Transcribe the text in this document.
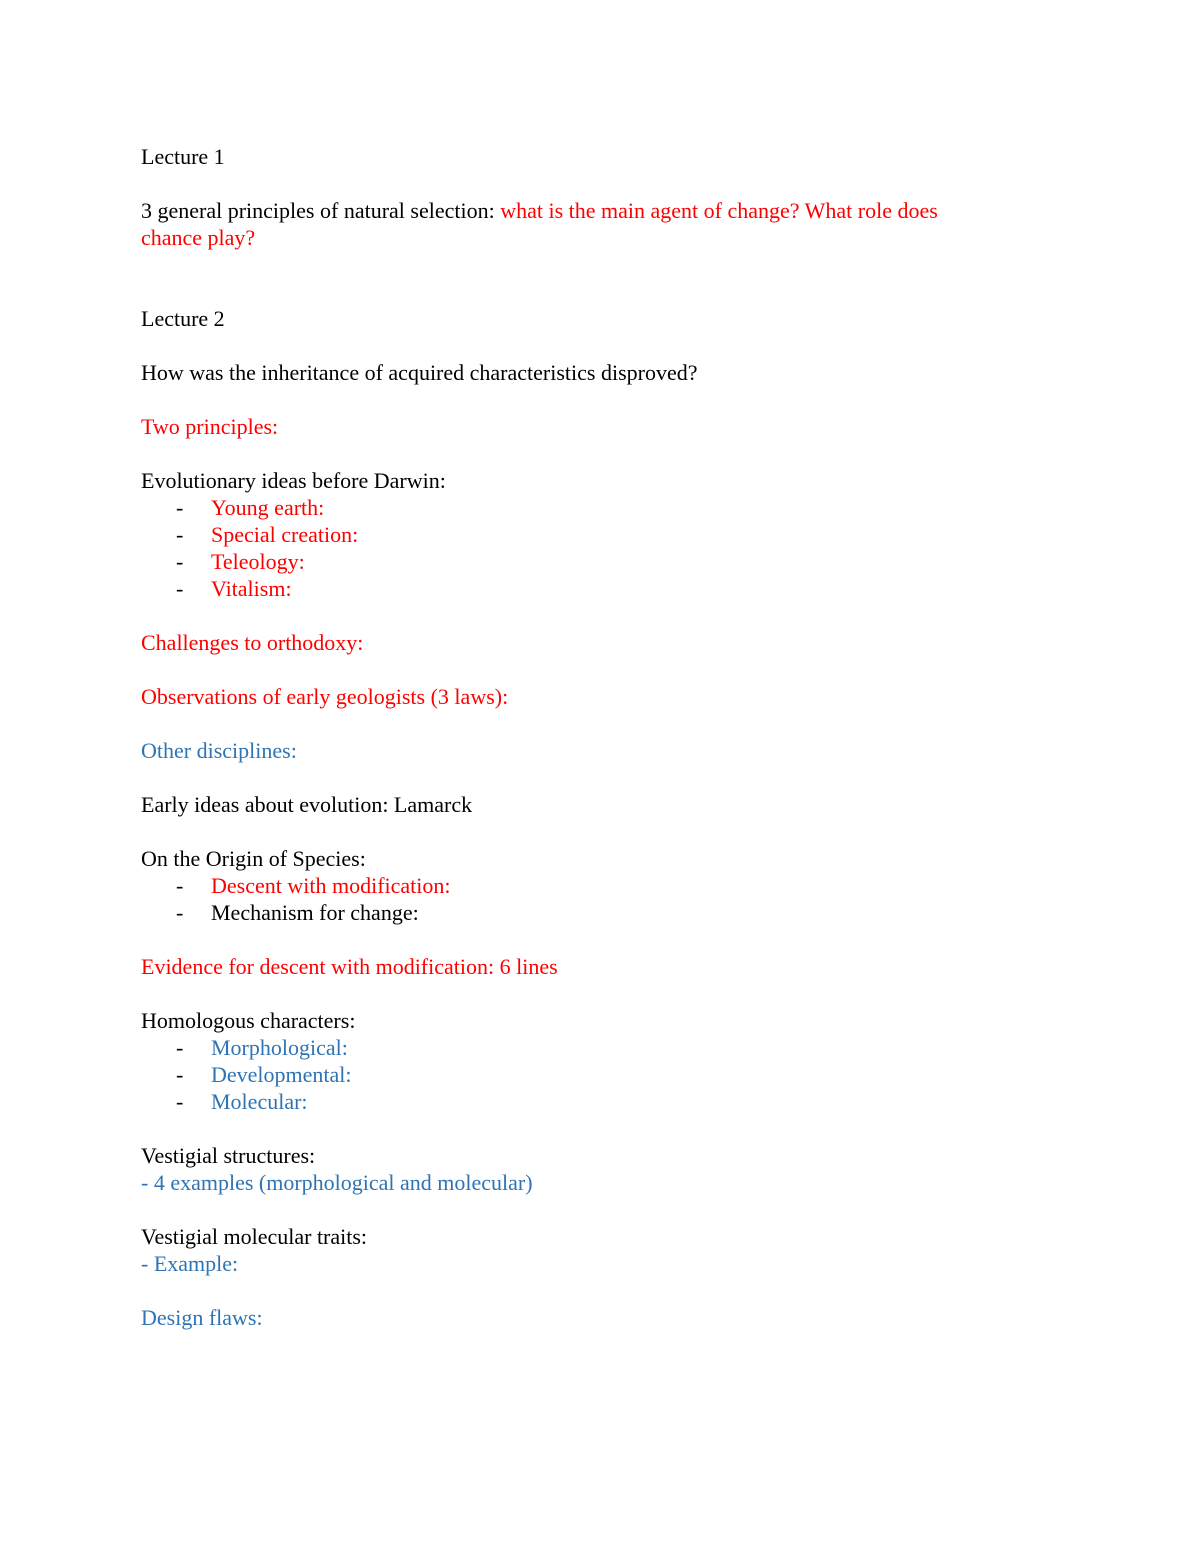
Lecture 1
3 general principles of natural selection: what is the main agent of change? What role does
chance play?
Lecture 2
How was the inheritance of acquired characteristics disproved?
Two principles:
Evolutionary ideas before Darwin:
- Young earth:
- Special creation:
- Teleology:
- Vitalism:
Challenges to orthodoxy:
Observations of early geologists (3 laws):
Other disciplines:
Early ideas about evolution: Lamarck
On the Origin of Species:
- Descent with modification:
- Mechanism for change:
Evidence for descent with modification: 6 lines
Homologous characters:
- Morphological:
- Developmental:
- Molecular:
Vestigial structures:
- 4 examples (morphological and molecular)
Vestigial molecular traits:
- Example:
Design flaws:
